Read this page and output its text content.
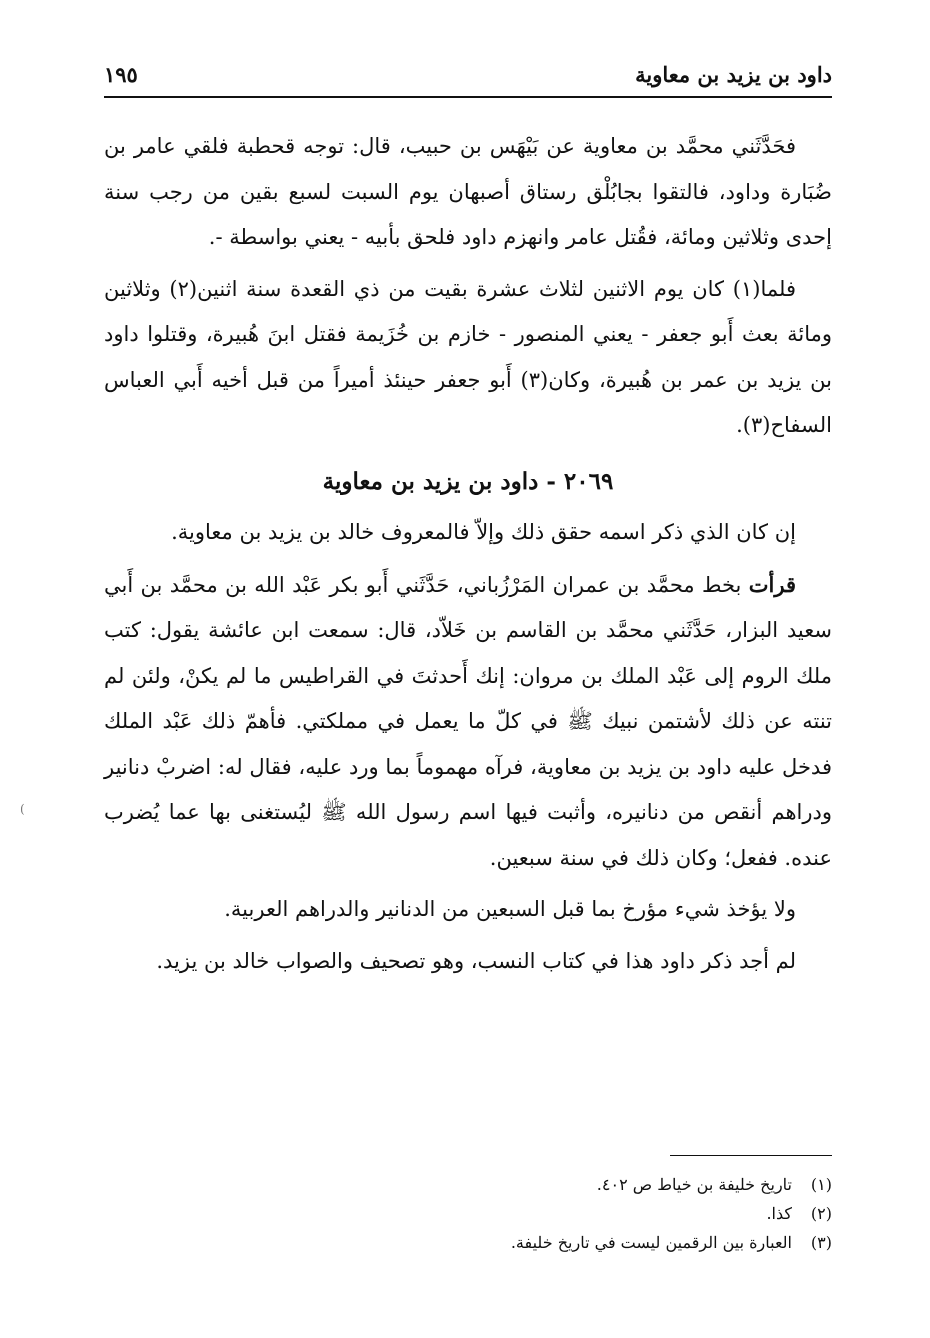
داود بن يزيد بن معاوية
١٩٥

فحَدَّثَني محمَّد بن معاوية عن بَيْهَس بن حبيب، قال: توجه قحطبة فلقي عامر بن ضُبَارة وداود، فالتقوا بجابُلْق رستاق أصبهان يوم السبت لسبع بقين من رجب سنة إحدى وثلاثين ومائة، فقُتل عامر وانهزم داود فلحق بأبيه - يعني بواسطة -.

فلما(١) كان يوم الاثنين لثلاث عشرة بقيت من ذي القعدة سنة اثنين(٢) وثلاثين ومائة بعث أَبو جعفر - يعني المنصور - خازم بن خُزَيمة فقتل ابنَ هُبيرة، وقتلوا داود بن يزيد بن عمر بن هُبيرة، وكان(٣) أَبو جعفر حينئذ أميراً من قبل أخيه أَبي العباس السفاح(٣).

٢٠٦٩ - داود بن يزيد بن معاوية

إن كان الذي ذكر اسمه حقق ذلك وإلاّ فالمعروف خالد بن يزيد بن معاوية.

قرأت بخط محمَّد بن عمران المَرْزُباني، حَدَّثَني أَبو بكر عَبْد الله بن محمَّد بن أَبي سعيد البزار، حَدَّثَني محمَّد بن القاسم بن خَلاّد، قال: سمعت ابن عائشة يقول: كتب ملك الروم إلى عَبْد الملك بن مروان: إنك أَحدثتَ في القراطيس ما لم يكنْ، ولئن لم تنته عن ذلك لأشتمن نبيك ﷺ في كلّ ما يعمل في مملكتي. فأهمّ ذلك عَبْد الملك فدخل عليه داود بن يزيد بن معاوية، فرآه مهموماً بما ورد عليه، فقال له: اضربْ دنانير ودراهم أنقص من دنانيره، وأثبت فيها اسم رسول الله ﷺ ليُستغنى بها عما يُضرب عنده. ففعل؛ وكان ذلك في سنة سبعين.

ولا يؤخذ شيء مؤرخ بما قبل السبعين من الدنانير والدراهم العربية.

لم أجد ذكر داود هذا في كتاب النسب، وهو تصحيف والصواب خالد بن يزيد.

(

(١)تاريخ خليفة بن خياط ص ٤٠٢.

(٢)كذا.

(٣)العبارة بين الرقمين ليست في تاريخ خليفة.
